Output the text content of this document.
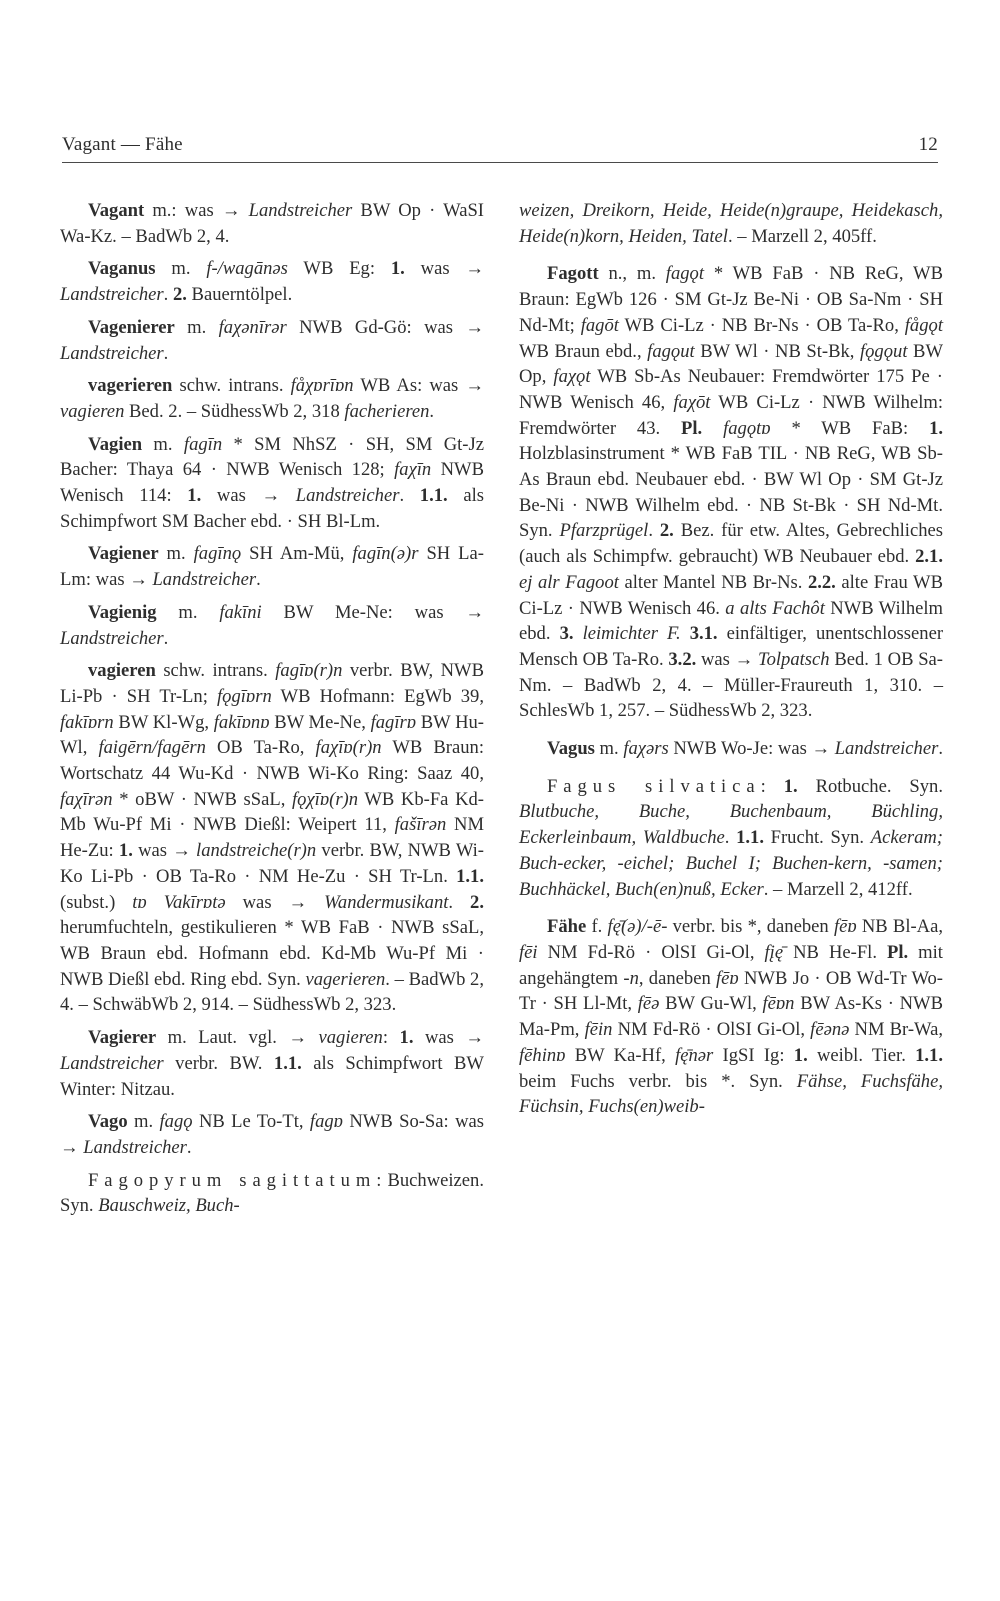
Vagant — Fähe	12

Vagant m.: was → Landstreicher BW Op · WaSI Wa-Kz. – BadWb 2, 4.

Vaganus m. f-/wagānəs WB Eg: 1. was → Landstreicher. 2. Bauerntölpel.

Vagenierer m. faχənīrər NWB Gd-Gö: was → Landstreicher.

vagerieren schw. intrans. fåχɒrīɒn WB As: was → vagieren Bed. 2. – SüdhessWb 2, 318 facherieren.

Vagien m. fagīn * SM NhSZ · SH, SM Gt-Jz Bacher: Thaya 64 · NWB Wenisch 128; faχīn NWB Wenisch 114: 1. was → Landstreicher. 1.1. als Schimpfwort SM Bacher ebd. · SH Bl-Lm.

Vagiener m. fagīnǫ SH Am-Mü, fagīn(ə)r SH La-Lm: was → Landstreicher.

Vagienig m. fakīni BW Me-Ne: was → Landstreicher.

vagieren schw. intrans. fagīɒ(r)n verbr. BW, NWB Li-Pb · SH Tr-Ln; fǫgīɒrn WB Hofmann: EgWb 39, fakīɒrn BW Kl-Wg, fakīɒnɒ BW Me-Ne, fagīrɒ BW Hu-Wl, faigērn/fagērn OB Ta-Ro, faχīɒ(r)n WB Braun: Wortschatz 44 Wu-Kd · NWB Wi-Ko Ring: Saaz 40, faχīrən * oBW · NWB sSaL, fǫχīɒ(r)n WB Kb-Fa Kd-Mb Wu-Pf Mi · NWB Dießl: Weipert 11, fašīrən NM He-Zu: 1. was → landstreiche(r)n verbr. BW, NWB Wi-Ko Li-Pb · OB Ta-Ro · NM He-Zu · SH Tr-Ln. 1.1. (subst.) tɒ Vakīrɒtə was → Wandermusikant. 2. herumfuchteln, gestikulieren * WB FaB · NWB sSaL, WB Braun ebd. Hofmann ebd. Kd-Mb Wu-Pf Mi · NWB Dießl ebd. Ring ebd. Syn. vagerieren. – BadWb 2, 4. – SchwäbWb 2, 914. – SüdhessWb 2, 323.

Vagierer m. Laut. vgl. → vagieren: 1. was → Landstreicher verbr. BW. 1.1. als Schimpfwort BW Winter: Nitzau.

Vago m. fagǫ NB Le To-Tt, fagɒ NWB So-Sa: was → Landstreicher.

Fagopyrum sagittatum: Buchweizen. Syn. Bauschweiz, Buch-

weizen, Dreikorn, Heide, Heide(n)graupe, Heidekasch, Heide(n)korn, Heiden, Tatel. – Marzell 2, 405ff.

Fagott n., m. fagǫt * WB FaB · NB ReG, WB Braun: EgWb 126 · SM Gt-Jz Be-Ni · OB Sa-Nm · SH Nd-Mt; fagōt WB Ci-Lz · NB Br-Ns · OB Ta-Ro, fågǫt WB Braun ebd., fagǫut BW Wl · NB St-Bk, fǫgǫut BW Op, faχǫt WB Sb-As Neubauer: Fremdwörter 175 Pe · NWB Wenisch 46, faχōt WB Ci-Lz · NWB Wilhelm: Fremdwörter 43. Pl. fagǫtɒ * WB FaB: 1. Holzblasinstrument * WB FaB TIL · NB ReG, WB Sb-As Braun ebd. Neubauer ebd. · BW Wl Op · SM Gt-Jz Be-Ni · NWB Wilhelm ebd. · NB St-Bk · SH Nd-Mt. Syn. Pfarzprügel. 2. Bez. für etw. Altes, Gebrechliches (auch als Schimpfw. gebraucht) WB Neubauer ebd. 2.1. ej alr Fagoot alter Mantel NB Br-Ns. 2.2. alte Frau WB Ci-Lz · NWB Wenisch 46. a alts Fachôt NWB Wilhelm ebd. 3. leimichter F. 3.1. einfältiger, unentschlossener Mensch OB Ta-Ro. 3.2. was → Tolpatsch Bed. 1 OB Sa-Nm. – BadWb 2, 4. – Müller-Fraureuth 1, 310. – SchlesWb 1, 257. – SüdhessWb 2, 323.

Vagus m. faχərs NWB Wo-Je: was → Landstreicher.

Fagus silvatica: 1. Rotbuche. Syn. Blutbuche, Buche, Buchenbaum, Büchling, Eckerleinbaum, Waldbuche. 1.1. Frucht. Syn. Ackeram; Buch-ecker, -eichel; Buchel I; Buchen-kern, -samen; Buchhäckel, Buch(en)nuß, Ecker. – Marzell 2, 412ff.

Fähe f. fę̄(ə)/-ē- verbr. bis *, daneben fēɒ NB Bl-Aa, fēi NM Fd-Rö · OlSI Gi-Ol, fįę̄ NB He-Fl. Pl. mit angehängtem -n, daneben fēɒ NWB Jo · OB Wd-Tr Wo-Tr · SH Ll-Mt, fēə BW Gu-Wl, fēɒn BW As-Ks · NWB Ma-Pm, fēin NM Fd-Rö · OlSI Gi-Ol, fēənə NM Br-Wa, fēhinɒ BW Ka-Hf, fę̄nər IgSI Ig: 1. weibl. Tier. 1.1. beim Fuchs verbr. bis *. Syn. Fähse, Fuchsfähe, Füchsin, Fuchs(en)weib-
